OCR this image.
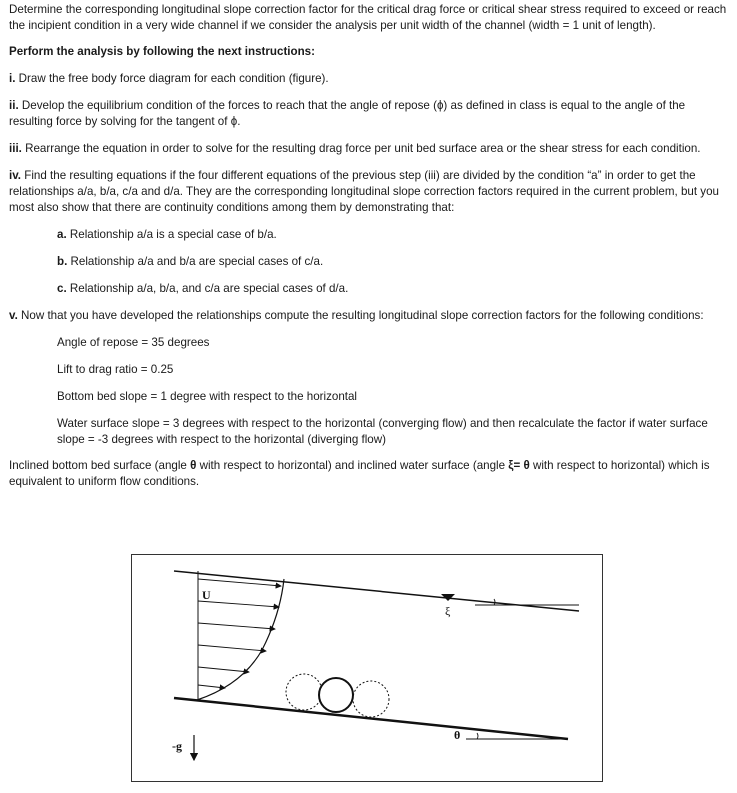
Determine the corresponding longitudinal slope correction factor for the critical drag force or critical shear stress required to exceed or reach the incipient condition in a very wide channel if we consider the analysis per unit width of the channel (width = 1 unit of length).

Perform the analysis by following the next instructions:

i. Draw the free body force diagram for each condition (figure).

ii. Develop the equilibrium condition of the forces to reach that the angle of repose (ϕ) as defined in class is equal to the angle of the resulting force by solving for the tangent of ϕ.

iii. Rearrange the equation in order to solve for the resulting drag force per unit bed surface area or the shear stress for each condition.

iv. Find the resulting equations if the four different equations of the previous step (iii) are divided by the condition “a” in order to get the relationships a/a, b/a, c/a and d/a. They are the corresponding longitudinal slope correction factors required in the current problem, but you most also show that there are continuity conditions among them by demonstrating that:

a. Relationship a/a is a special case of b/a.

b. Relationship a/a and b/a are special cases of c/a.

c. Relationship a/a, b/a, and c/a are special cases of d/a.

v. Now that you have developed the relationships compute the resulting longitudinal slope correction factors for the following conditions:

Angle of repose = 35 degrees

Lift to drag ratio = 0.25

Bottom bed slope = 1 degree with respect to the horizontal

Water surface slope = 3 degrees with respect to the horizontal (converging flow) and then recalculate the factor if water surface slope = -3 degrees with respect to the horizontal (diverging flow)

Inclined bottom bed surface (angle θ with respect to horizontal) and inclined water surface (angle ξ= θ with respect to horizontal) which is equivalent to uniform flow conditions.

U
ξ
θ
-g
